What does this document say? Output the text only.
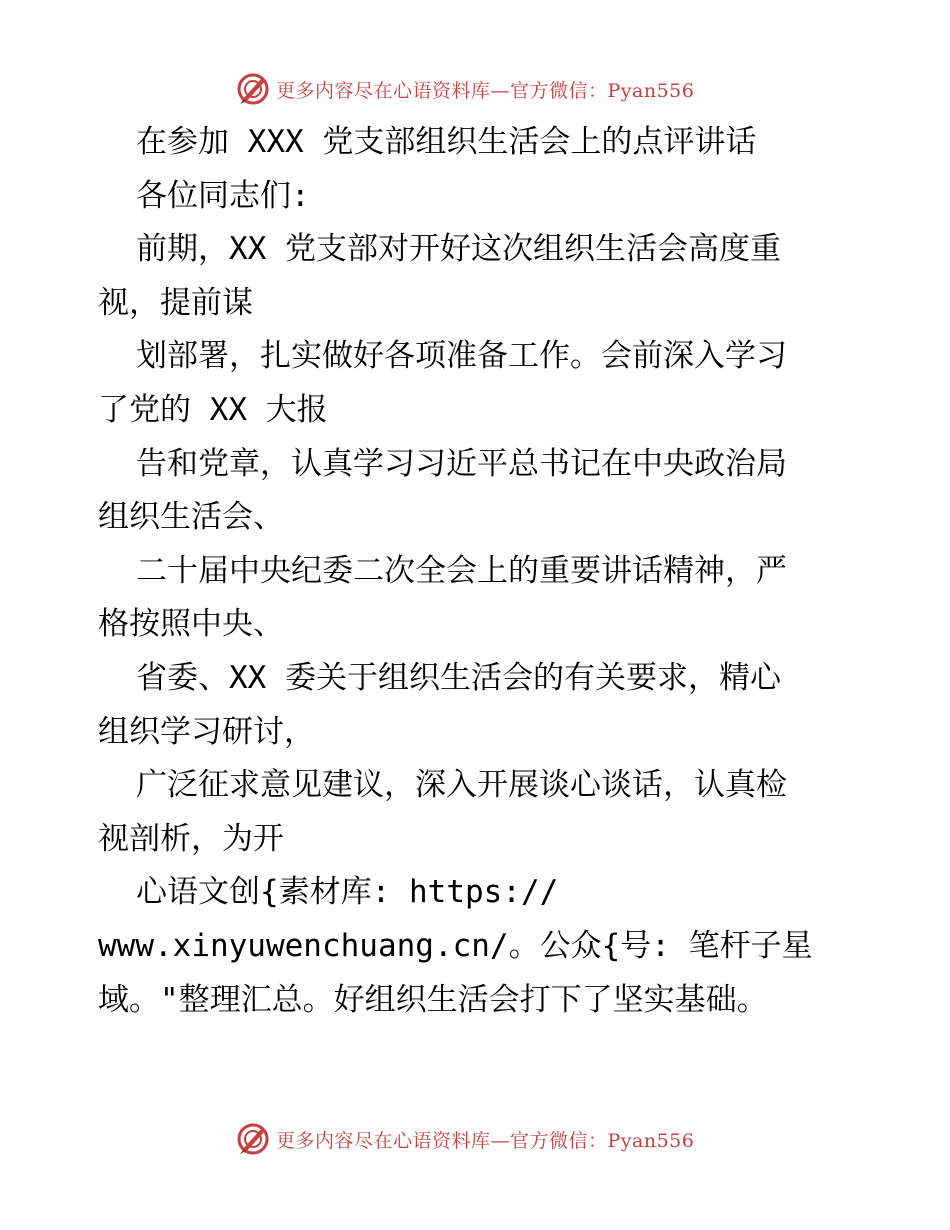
更多内容尽在心语资料库—官方微信：Pyan556

在参加 XXX 党支部组织生活会上的点评讲话

各位同志们:

前期，XX 党支部对开好这次组织生活会高度重

视，提前谋

划部署，扎实做好各项准备工作。会前深入学习

了党的 XX 大报

告和党章，认真学习习近平总书记在中央政治局

组织生活会、

二十届中央纪委二次全会上的重要讲话精神，严

格按照中央、

省委、XX 委关于组织生活会的有关要求，精心

组织学习研讨，

广泛征求意见建议，深入开展谈心谈话，认真检

视剖析，为开

心语文创{素材库: https://

www.xinyuwenchuang.cn/。公众{号: 笔杆子星

域。"整理汇总。好组织生活会打下了坚实基础。

更多内容尽在心语资料库—官方微信：Pyan556
